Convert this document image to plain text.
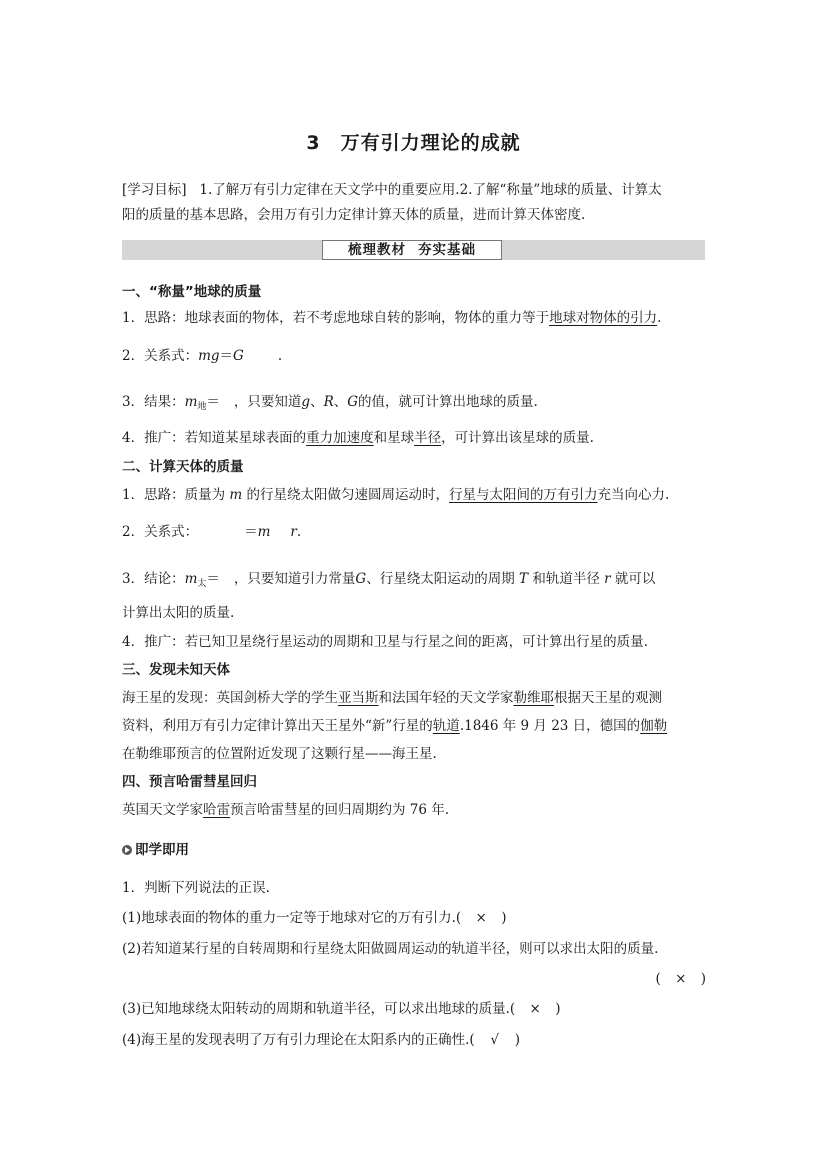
3 万有引力理论的成就
[学习目标] 1.了解万有引力定律在天文学中的重要应用.2.了解“称量”地球的质量、计算太
阳的质量的基本思路，会用万有引力定律计算天体的质量，进而计算天体密度.
梳理教材 夯实基础
一、“称量”地球的质量
1．思路：地球表面的物体，若不考虑地球自转的影响，物体的重力等于地球对物体的引力.
2．关系式：mg＝G	.
3．结果：$m_地=$ ，只要知道g、R、G的值，就可计算出地球的质量.
4．推广：若知道某星球表面的重力加速度和星球半径，可计算出该星球的质量.
二、计算天体的质量
1．思路：质量为 m 的行星绕太阳做匀速圆周运动时，行星与太阳间的万有引力充当向心力.
2．关系式：	＝m r.
3．结论：$m_太=$ ，只要知道引力常量G、行星绕太阳运动的周期 T 和轨道半径 r 就可以
计算出太阳的质量.
4．推广：若已知卫星绕行星运动的周期和卫星与行星之间的距离，可计算出行星的质量.
三、发现未知天体
海王星的发现：英国剑桥大学的学生亚当斯和法国年轻的天文学家勒维耶根据天王星的观测
资料，利用万有引力定律计算出天王星外“新”行星的轨道.1846 年 9 月 23 日，德国的伽勒
在勒维耶预言的位置附近发现了这颗行星——海王星.
四、预言哈雷彗星回归
英国天文学家哈雷预言哈雷彗星的回归周期约为 76 年.
即学即用
1．判断下列说法的正误.
(1)地球表面的物体的重力一定等于地球对它的万有引力.( × )
(2)若知道某行星的自转周期和行星绕太阳做圆周运动的轨道半径，则可以求出太阳的质量.
( × )
(3)已知地球绕太阳转动的周期和轨道半径，可以求出地球的质量.( × )
(4)海王星的发现表明了万有引力理论在太阳系内的正确性.( √ )
